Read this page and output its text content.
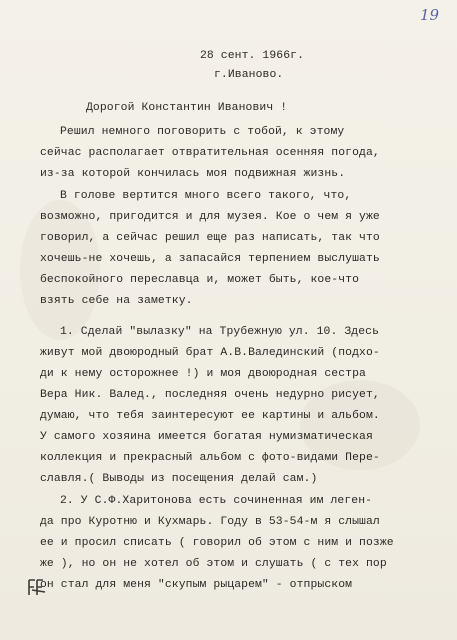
19
28 сент. 1966г.
г.Иваново.
Дорогой Константин Иванович !
Решил немного поговорить с тобой, к этому
сейчас располагает отвратительная осенняя погода,
из-за которой кончилась моя подвижная жизнь.
В голове вертится много всего такого, что,
возможно, пригодится и для музея. Кое о чем я уже
говорил, а сейчас решил еще раз написать, так что
хочешь-не хочешь, а запасайся терпением выслушать
беспокойного переславца и, может быть, кое-что
взять себе на заметку.
1. Сделай "вылазку" на Трубежную ул. 10. Здесь
живут мой двоюродный брат А.В.Валединский (подхо-
ди к нему осторожнее !) и моя двоюродная сестра
Вера Ник. Валед., последняя очень недурно рисует,
думаю, что тебя заинтересуют ее картины и альбом.
У самого хозяина имеется богатая нумизматическая
коллекция и прекрасный альбом с фото-видами Пере-
славля.( Выводы из посещения делай сам.)
2. У С.Ф.Харитонова есть сочиненная им леген-
да про Куротню и Кухмарь. Году в 53-54-м я слышал
ее и просил списать ( говорил об этом с ним и позже
же ), но он не хотел об этом и слушать ( с тех пор
он стал для меня "скупым рыцарем" - отпрыском
